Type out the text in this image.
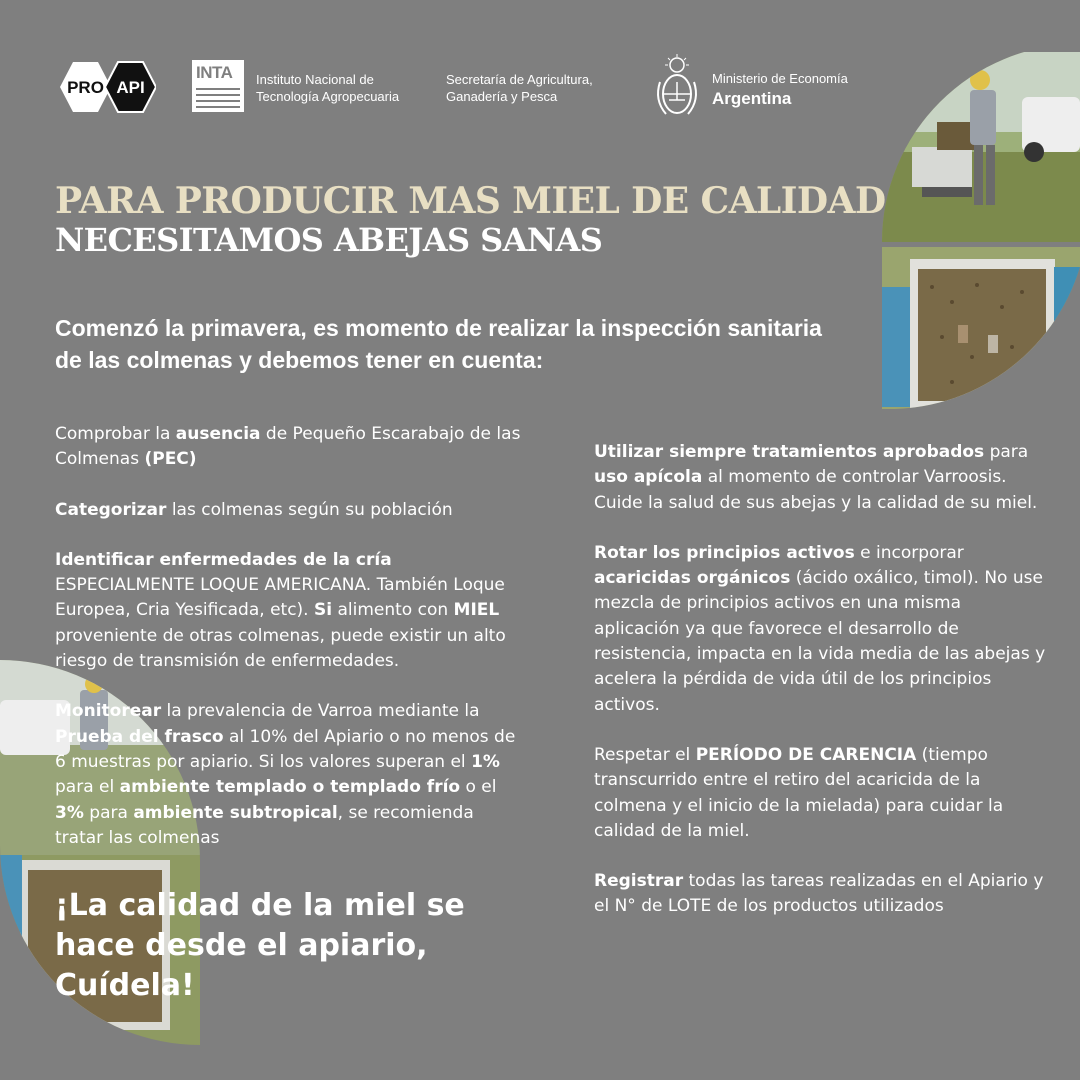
PRO API
INTA Instituto Nacional de
Tecnología Agropecuaria
Secretaría de Agricultura,
Ganadería y Pesca
Ministerio de Economía
Argentina
PARA PRODUCIR MAS MIEL DE CALIDAD
NECESITAMOS ABEJAS SANAS
Comenzó la primavera, es momento de realizar la inspección sanitaria de las colmenas y debemos tener en cuenta:

Comprobar la ausencia de Pequeño Escarabajo de las Colmenas (PEC)

Categorizar las colmenas según su población

Identificar enfermedades de la cría ESPECIALMENTE LOQUE AMERICANA. También Loque Europea, Cria Yesificada, etc). Si alimento con MIEL proveniente de otras colmenas, puede existir un alto riesgo de transmisión de enfermedades.

Monitorear la prevalencia de Varroa mediante la Prueba del frasco al 10% del Apiario o no menos de 6 muestras por apiario. Si los valores superan el 1% para el ambiente templado o templado frío o el 3% para ambiente subtropical, se recomienda tratar las colmenas

¡La calidad de la miel se hace desde el apiario, Cuídela!

Utilizar siempre tratamientos aprobados para uso apícola al momento de controlar Varroosis. Cuide la salud de sus abejas y la calidad de su miel.

Rotar los principios activos e incorporar acaricidas orgánicos (ácido oxálico, timol). No use mezcla de principios activos en una misma aplicación ya que favorece el desarrollo de resistencia, impacta en la vida media de las abejas y acelera la pérdida de vida útil de los principios activos.

Respetar el PERÍODO DE CARENCIA (tiempo transcurrido entre el retiro del acaricida de la colmena y el inicio de la mielada) para cuidar la calidad de la miel.

Registrar todas las tareas realizadas en el Apiario y el N° de LOTE de los productos utilizados
